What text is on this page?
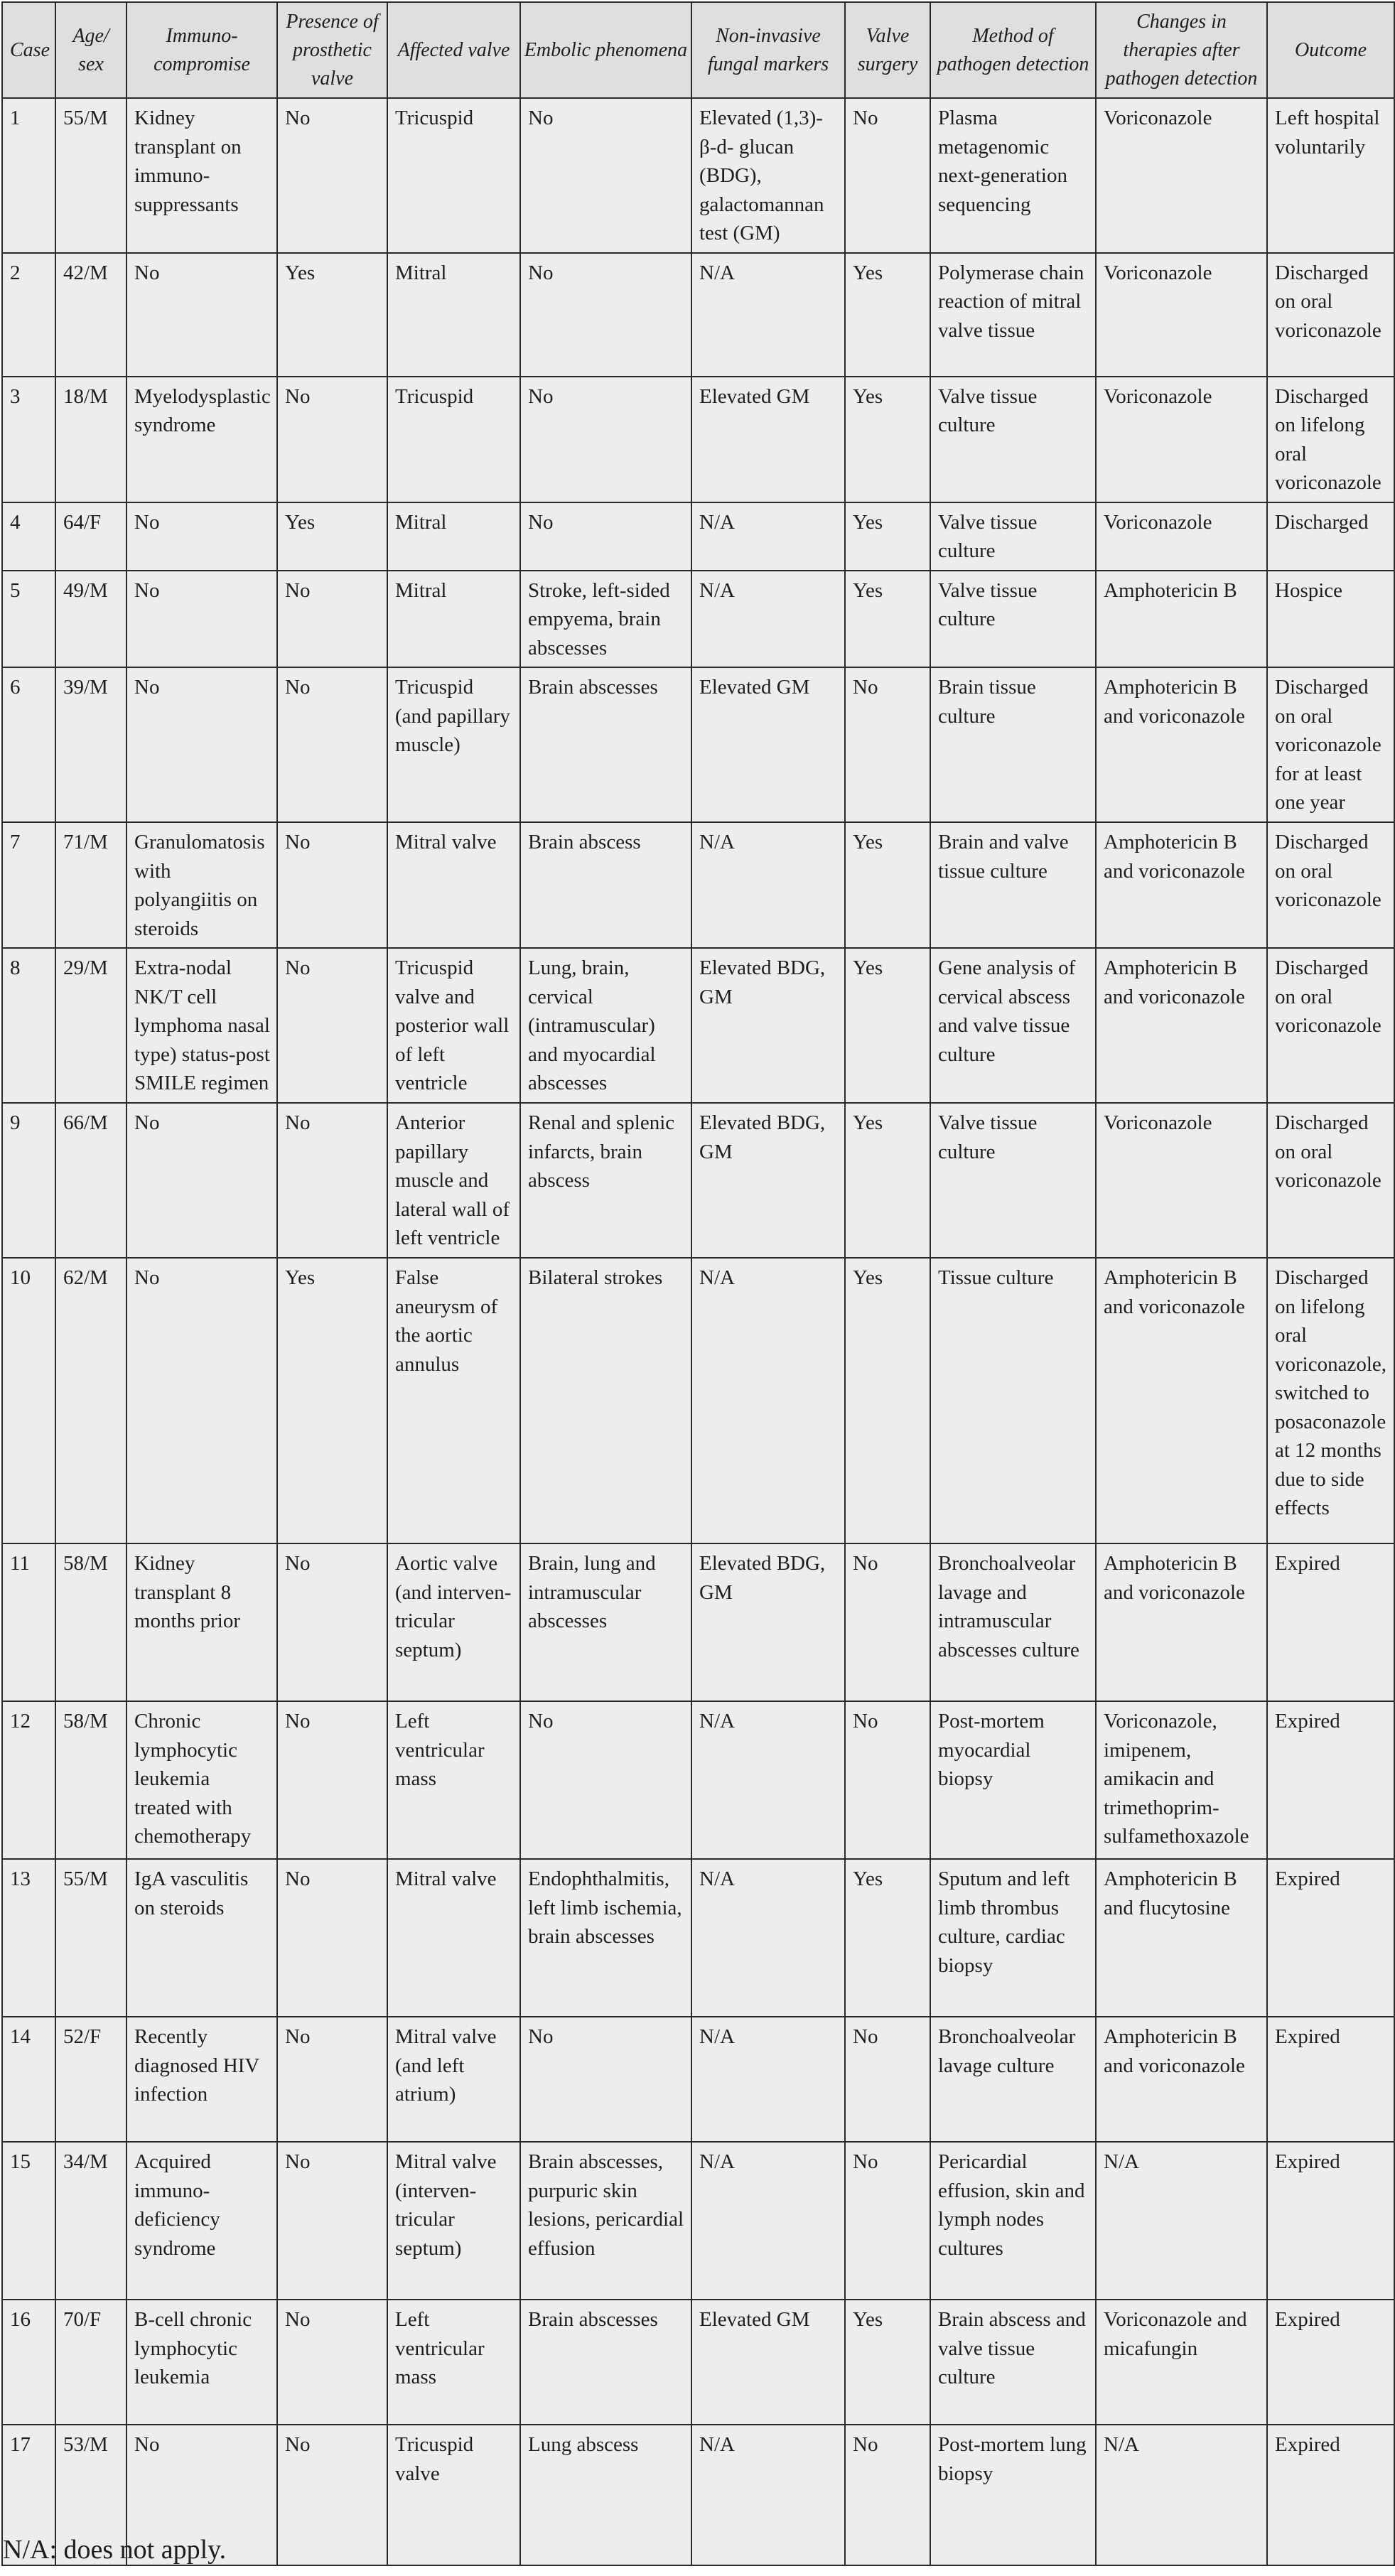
Case	Age/ sex	Immuno- compromise	Presence of prosthetic valve	Affected valve	Embolic phenomena	Non-invasive fungal markers	Valve surgery	Method of pathogen detection	Changes in therapies after pathogen detection	Outcome
1	55/M	Kidney transplant on immuno- suppressants	No	Tricuspid	No	Elevated (1,3)-β-d- glucan (BDG), galactomannan test (GM)	No	Plasma metagenomic next-generation sequencing	Voriconazole	Left hospital voluntarily
2	42/M	No	Yes	Mitral	No	N/A	Yes	Polymerase chain reaction of mitral valve tissue	Voriconazole	Discharged on oral voriconazole
3	18/M	Myelodysplastic syndrome	No	Tricuspid	No	Elevated GM	Yes	Valve tissue culture	Voriconazole	Discharged on lifelong oral voriconazole
4	64/F	No	Yes	Mitral	No	N/A	Yes	Valve tissue culture	Voriconazole	Discharged
5	49/M	No	No	Mitral	Stroke, left-sided empyema, brain abscesses	N/A	Yes	Valve tissue culture	Amphotericin B	Hospice
6	39/M	No	No	Tricuspid (and papillary muscle)	Brain abscesses	Elevated GM	No	Brain tissue culture	Amphotericin B and voriconazole	Discharged on oral voriconazole for at least one year
7	71/M	Granulomatosis with polyangiitis on steroids	No	Mitral valve	Brain abscess	N/A	Yes	Brain and valve tissue culture	Amphotericin B and voriconazole	Discharged on oral voriconazole
8	29/M	Extra-nodal NK/T cell lymphoma nasal type) status-post SMILE regimen	No	Tricuspid valve and posterior wall of left ventricle	Lung, brain, cervical (intramuscular) and myocardial abscesses	Elevated BDG, GM	Yes	Gene analysis of cervical abscess and valve tissue culture	Amphotericin B and voriconazole	Discharged on oral voriconazole
9	66/M	No	No	Anterior papillary muscle and lateral wall of left ventricle	Renal and splenic infarcts, brain abscess	Elevated BDG, GM	Yes	Valve tissue culture	Voriconazole	Discharged on oral voriconazole
10	62/M	No	Yes	False aneurysm of the aortic annulus	Bilateral strokes	N/A	Yes	Tissue culture	Amphotericin B and voriconazole	Discharged on lifelong oral voriconazole, switched to posaconazole at 12 months due to side effects
11	58/M	Kidney transplant 8 months prior	No	Aortic valve (and interven- tricular septum)	Brain, lung and intramuscular abscesses	Elevated BDG, GM	No	Bronchoalveolar lavage and intramuscular abscesses culture	Amphotericin B and voriconazole	Expired
12	58/M	Chronic lymphocytic leukemia treated with chemotherapy	No	Left ventricular mass	No	N/A	No	Post-mortem myocardial biopsy	Voriconazole, imipenem, amikacin and trimethoprim- sulfamethoxazole	Expired
13	55/M	IgA vasculitis on steroids	No	Mitral valve	Endophthalmitis, left limb ischemia, brain abscesses	N/A	Yes	Sputum and left limb thrombus culture, cardiac biopsy	Amphotericin B and flucytosine	Expired
14	52/F	Recently diagnosed HIV infection	No	Mitral valve (and left atrium)	No	N/A	No	Bronchoalveolar lavage culture	Amphotericin B and voriconazole	Expired
15	34/M	Acquired immuno- deficiency syndrome	No	Mitral valve (interven- tricular septum)	Brain abscesses, purpuric skin lesions, pericardial effusion	N/A	No	Pericardial effusion, skin and lymph nodes cultures	N/A	Expired
16	70/F	B-cell chronic lymphocytic leukemia	No	Left ventricular mass	Brain abscesses	Elevated GM	Yes	Brain abscess and valve tissue culture	Voriconazole and micafungin	Expired
17	53/M	No	No	Tricuspid valve	Lung abscess	N/A	No	Post-mortem lung biopsy	N/A	Expired
N/A: does not apply.
